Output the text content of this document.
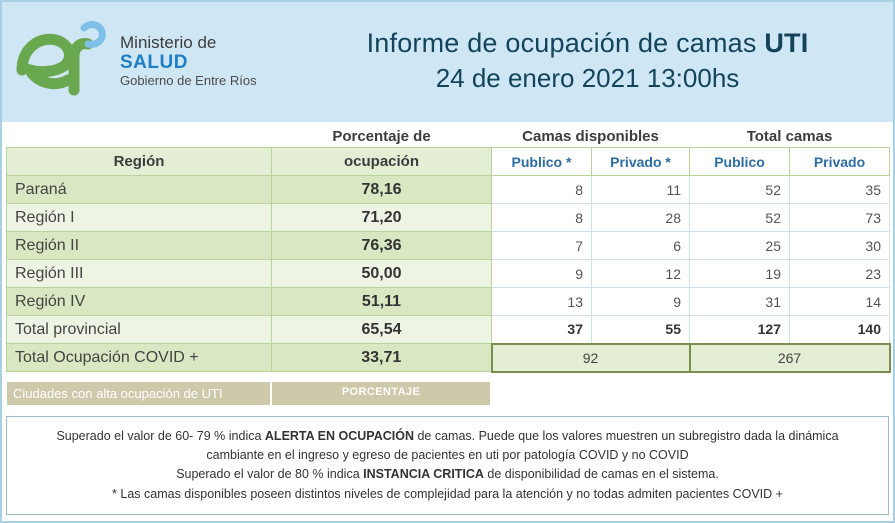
Ministerio de
SALUD
Gobierno de Entre Ríos
Informe de ocupación de camas UTI
24 de enero 2021 13:00hs
	Porcentaje de	Camas disponibles		Total camas	
Región	ocupación	Publico *	Privado *	Publico	Privado
Paraná	78,16	8	11	52	35
Región I	71,20	8	28	52	73
Región II	76,36	7	6	25	30
Región III	50,00	9	12	19	23
Región IV	51,11	13	9	31	14
Total provincial	65,54	37	55	127	140
Total Ocupación COVID +	33,71	92		267	
Ciudades con alta ocupación de UTI	PORCENTAJE
Superado el valor de 60- 79 % indica ALERTA EN OCUPACIÓN de camas. Puede que los valores muestren un subregistro dada la dinámica
cambiante en el ingreso y egreso de pacientes en uti por patología COVID y no COVID
Superado el valor de 80 % indica INSTANCIA CRITICA de disponibilidad de camas en el sistema.
* Las camas disponibles poseen distintos niveles de complejidad para la atención y no todas admiten pacientes COVID +
